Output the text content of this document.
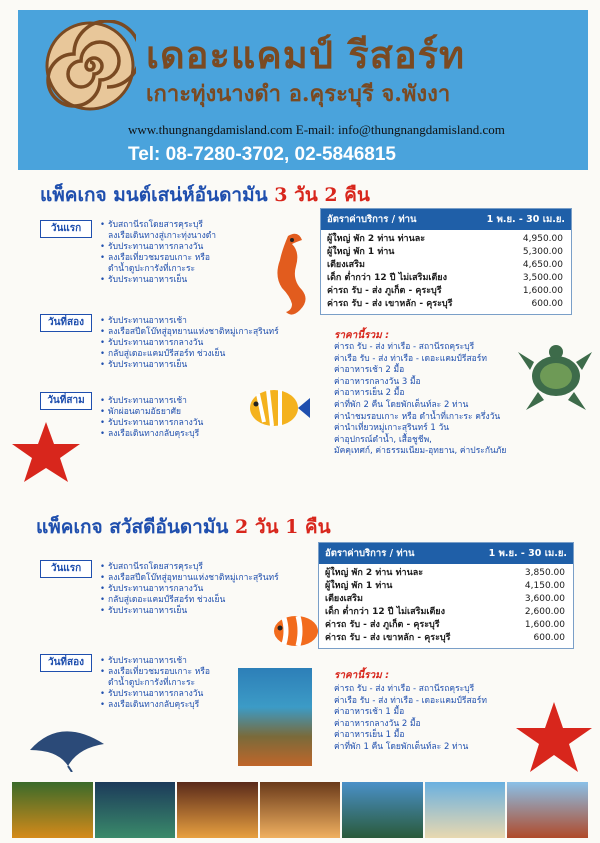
เดอะแคมป์ รีสอร์ท
เกาะทุ่งนางดำ อ.คุระบุรี จ.พังงา
www.thungnangdamisland.com E-mail: info@thungnangdamisland.com
Tel: 08-7280-3702, 02-5846815
แพ็คเกจ มนต์เสน่ห์อันดามัน 3 วัน 2 คืน
วันแรก	• รับสถานีรถโดยสารคุระบุรี
ลงเรือเดินทางสู่เกาะทุ่งนางดำ
• รับประทานอาหารกลางวัน
• ลงเรือเที่ยวชมรอบเกาะ หรือ
ดำน้ำดูปะการังที่เกาะระ
• รับประทานอาหารเย็น
วันที่สอง	• รับประทานอาหารเช้า
• ลงเรือสปีดโบ๊ทสู่อุทยานแห่งชาติหมู่เกาะสุรินทร์
• รับประทานอาหารกลางวัน
• กลับสู่เดอะแคมป์รีสอร์ท ช่วงเย็น
• รับประทานอาหารเย็น
วันที่สาม	• รับประทานอาหารเช้า
• พักผ่อนตามอัธยาศัย
• รับประทานอาหารกลางวัน
• ลงเรือเดินทางกลับคุระบุรี
อัตราค่าบริการ / ท่าน	1 พ.ย. - 30 เม.ย.
ผู้ใหญ่ พัก 2 ท่าน ท่านละ	4,950.00
ผู้ใหญ่ พัก 1 ท่าน	5,300.00
เตียงเสริม	4,650.00
เด็ก ต่ำกว่า 12 ปี ไม่เสริมเตียง	3,500.00
ค่ารถ รับ - ส่ง ภูเก็ต - คุระบุรี	1,600.00
ค่ารถ รับ - ส่ง เขาหลัก - คุระบุรี	600.00
ราคานี้รวม :
ค่ารถ รับ - ส่ง ท่าเรือ - สถานีรถคุระบุรี
ค่าเรือ รับ - ส่ง ท่าเรือ - เดอะแคมป์รีสอร์ท
ค่าอาหารเช้า 2 มื้อ
ค่าอาหารกลางวัน 3 มื้อ
ค่าอาหารเย็น 2 มื้อ
ค่าที่พัก 2 คืน โดยพักเต็นท์ละ 2 ท่าน
ค่านำชมรอบเกาะ หรือ ดำน้ำที่เกาะระ ครึ่งวัน
ค่านำเที่ยวหมู่เกาะสุรินทร์ 1 วัน
ค่าอุปกรณ์ดำน้ำ, เสื้อชูชีพ,
มัคคุเทศก์, ค่าธรรมเนียม-อุทยาน, ค่าประกันภัย
แพ็คเกจ สวัสดีอันดามัน 2 วัน 1 คืน
วันแรก	• รับสถานีรถโดยสารคุระบุรี
• ลงเรือสปีดโบ๊ทสู่อุทยานแห่งชาติหมู่เกาะสุรินทร์
• รับประทานอาหารกลางวัน
• กลับสู่เดอะแคมป์รีสอร์ท ช่วงเย็น
• รับประทานอาหารเย็น
วันที่สอง	• รับประทานอาหารเช้า
• ลงเรือเที่ยวชมรอบเกาะ หรือ
ดำน้ำดูปะการังที่เกาะระ
• รับประทานอาหารกลางวัน
• ลงเรือเดินทางกลับคุระบุรี
อัตราค่าบริการ / ท่าน	1 พ.ย. - 30 เม.ย.
ผู้ใหญ่ พัก 2 ท่าน ท่านละ	3,850.00
ผู้ใหญ่ พัก 1 ท่าน	4,150.00
เตียงเสริม	3,600.00
เด็ก ต่ำกว่า 12 ปี ไม่เสริมเตียง	2,600.00
ค่ารถ รับ - ส่ง ภูเก็ต - คุระบุรี	1,600.00
ค่ารถ รับ - ส่ง เขาหลัก - คุระบุรี	600.00
ราคานี้รวม :
ค่ารถ รับ - ส่ง ท่าเรือ - สถานีรถคุระบุรี
ค่าเรือ รับ - ส่ง ท่าเรือ - เดอะแคมป์รีสอร์ท
ค่าอาหารเช้า 1 มื้อ
ค่าอาหารกลางวัน 2 มื้อ
ค่าอาหารเย็น 1 มื้อ
ค่าที่พัก 1 คืน โดยพักเต็นท์ละ 2 ท่าน
